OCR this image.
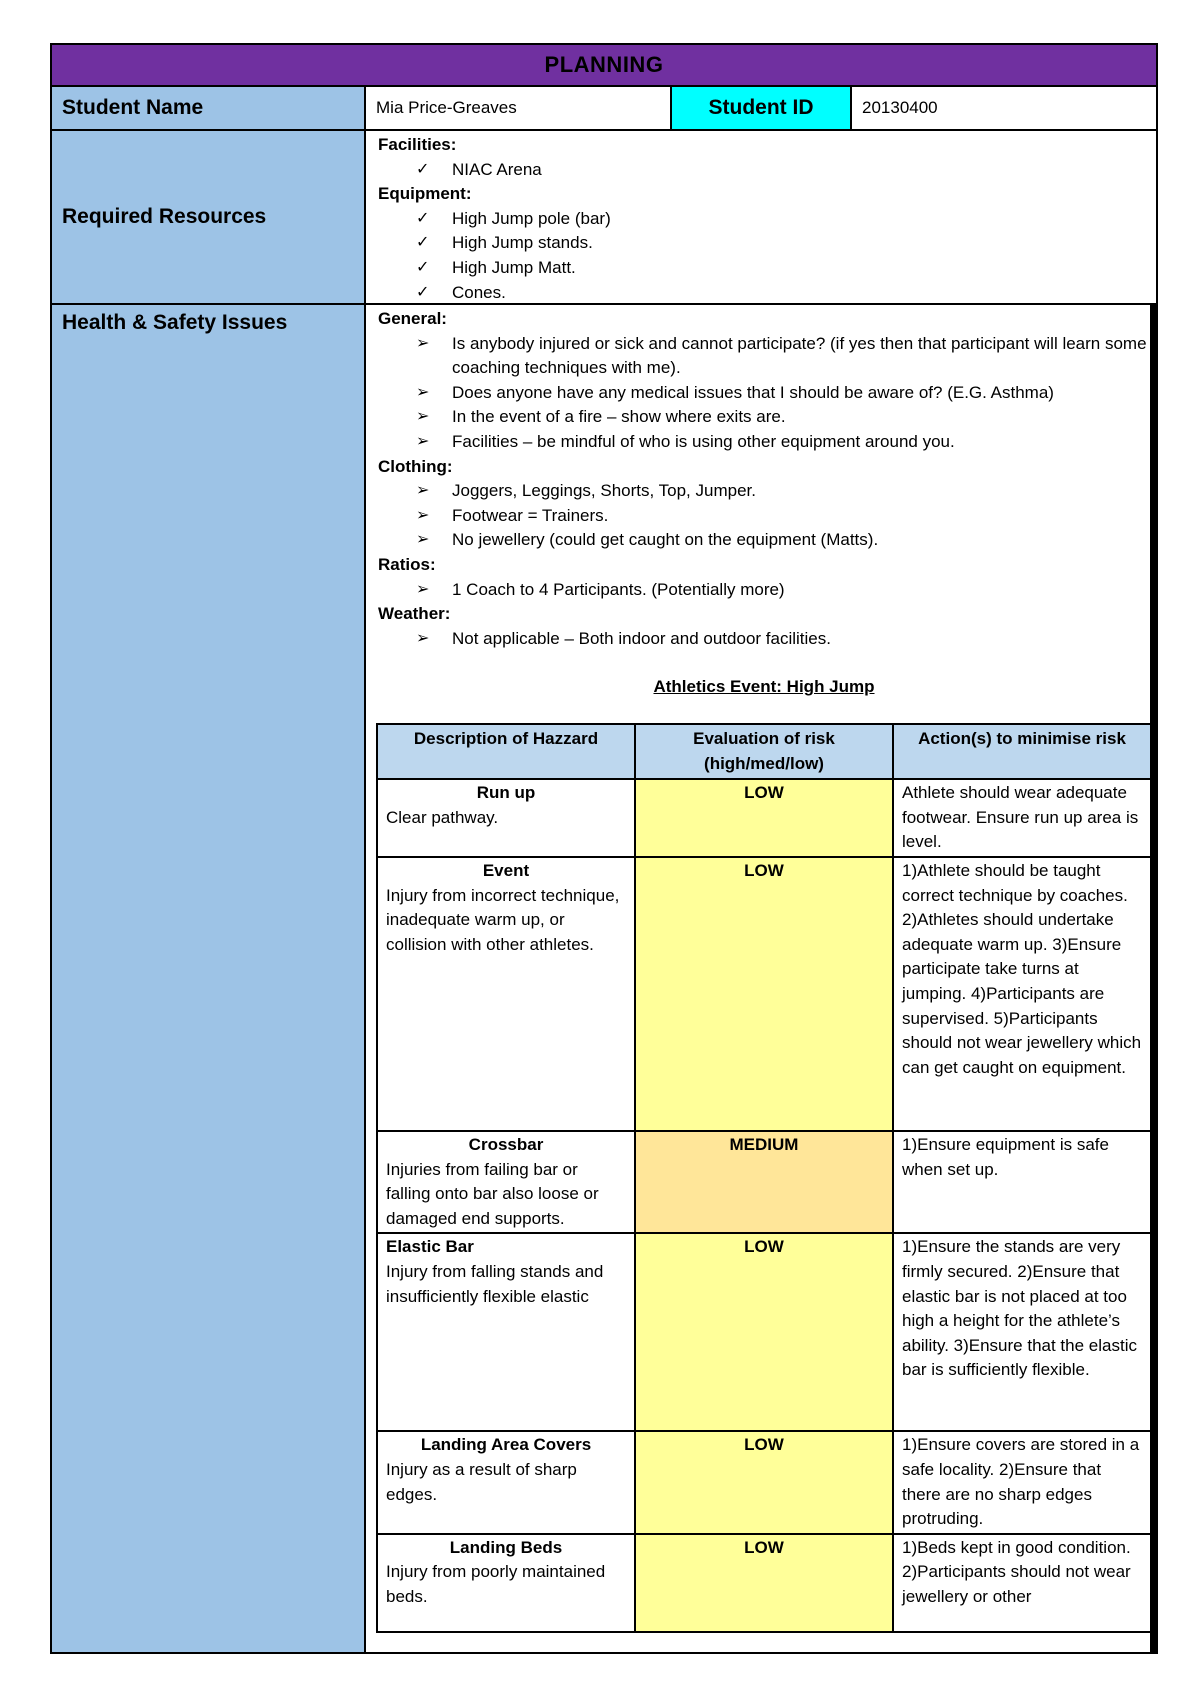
PLANNING
Student Name	Mia Price-Greaves	Student ID	20130400
Required Resources
Facilities:
✓	NIAC Arena
Equipment:
✓	High Jump pole (bar)
✓	High Jump stands.
✓	High Jump Matt.
✓	Cones.
Health & Safety Issues	General:
➢	Is anybody injured or sick and cannot participate? (if yes then that participant will learn some coaching techniques with me).
➢	Does anyone have any medical issues that I should be aware of? (E.G. Asthma)
➢	In the event of a fire – show where exits are.
➢	Facilities – be mindful of who is using other equipment around you.
Clothing:
➢	Joggers, Leggings, Shorts, Top, Jumper.
➢	Footwear = Trainers.
➢	No jewellery (could get caught on the equipment (Matts).
Ratios:
➢	1 Coach to 4 Participants. (Potentially more)
Weather:
➢	Not applicable – Both indoor and outdoor facilities.
Athletics Event: High Jump
Description of Hazzard	Evaluation of risk (high/med/low)	Action(s) to minimise risk

Run up
Clear pathway.	LOW	Athlete should wear adequate footwear. Ensure run up area is level.

Event
Injury from incorrect technique, inadequate warm up, or collision with other athletes.	LOW	1)Athlete should be taught correct technique by coaches. 2)Athletes should undertake adequate warm up. 3)Ensure participate take turns at jumping. 4)Participants are supervised. 5)Participants should not wear jewellery which can get caught on equipment.

Crossbar
Injuries from failing bar or falling onto bar also loose or damaged end supports.	MEDIUM	1)Ensure equipment is safe when set up.

Elastic Bar
Injury from falling stands and insufficiently flexible elastic	LOW	1)Ensure the stands are very firmly secured. 2)Ensure that elastic bar is not placed at too high a height for the athlete’s ability. 3)Ensure that the elastic bar is sufficiently flexible.

Landing Area Covers
Injury as a result of sharp edges.	LOW	1)Ensure covers are stored in a safe locality. 2)Ensure that there are no sharp edges protruding.

Landing Beds
Injury from poorly maintained beds.	LOW	1)Beds kept in good condition. 2)Participants should not wear jewellery or other
